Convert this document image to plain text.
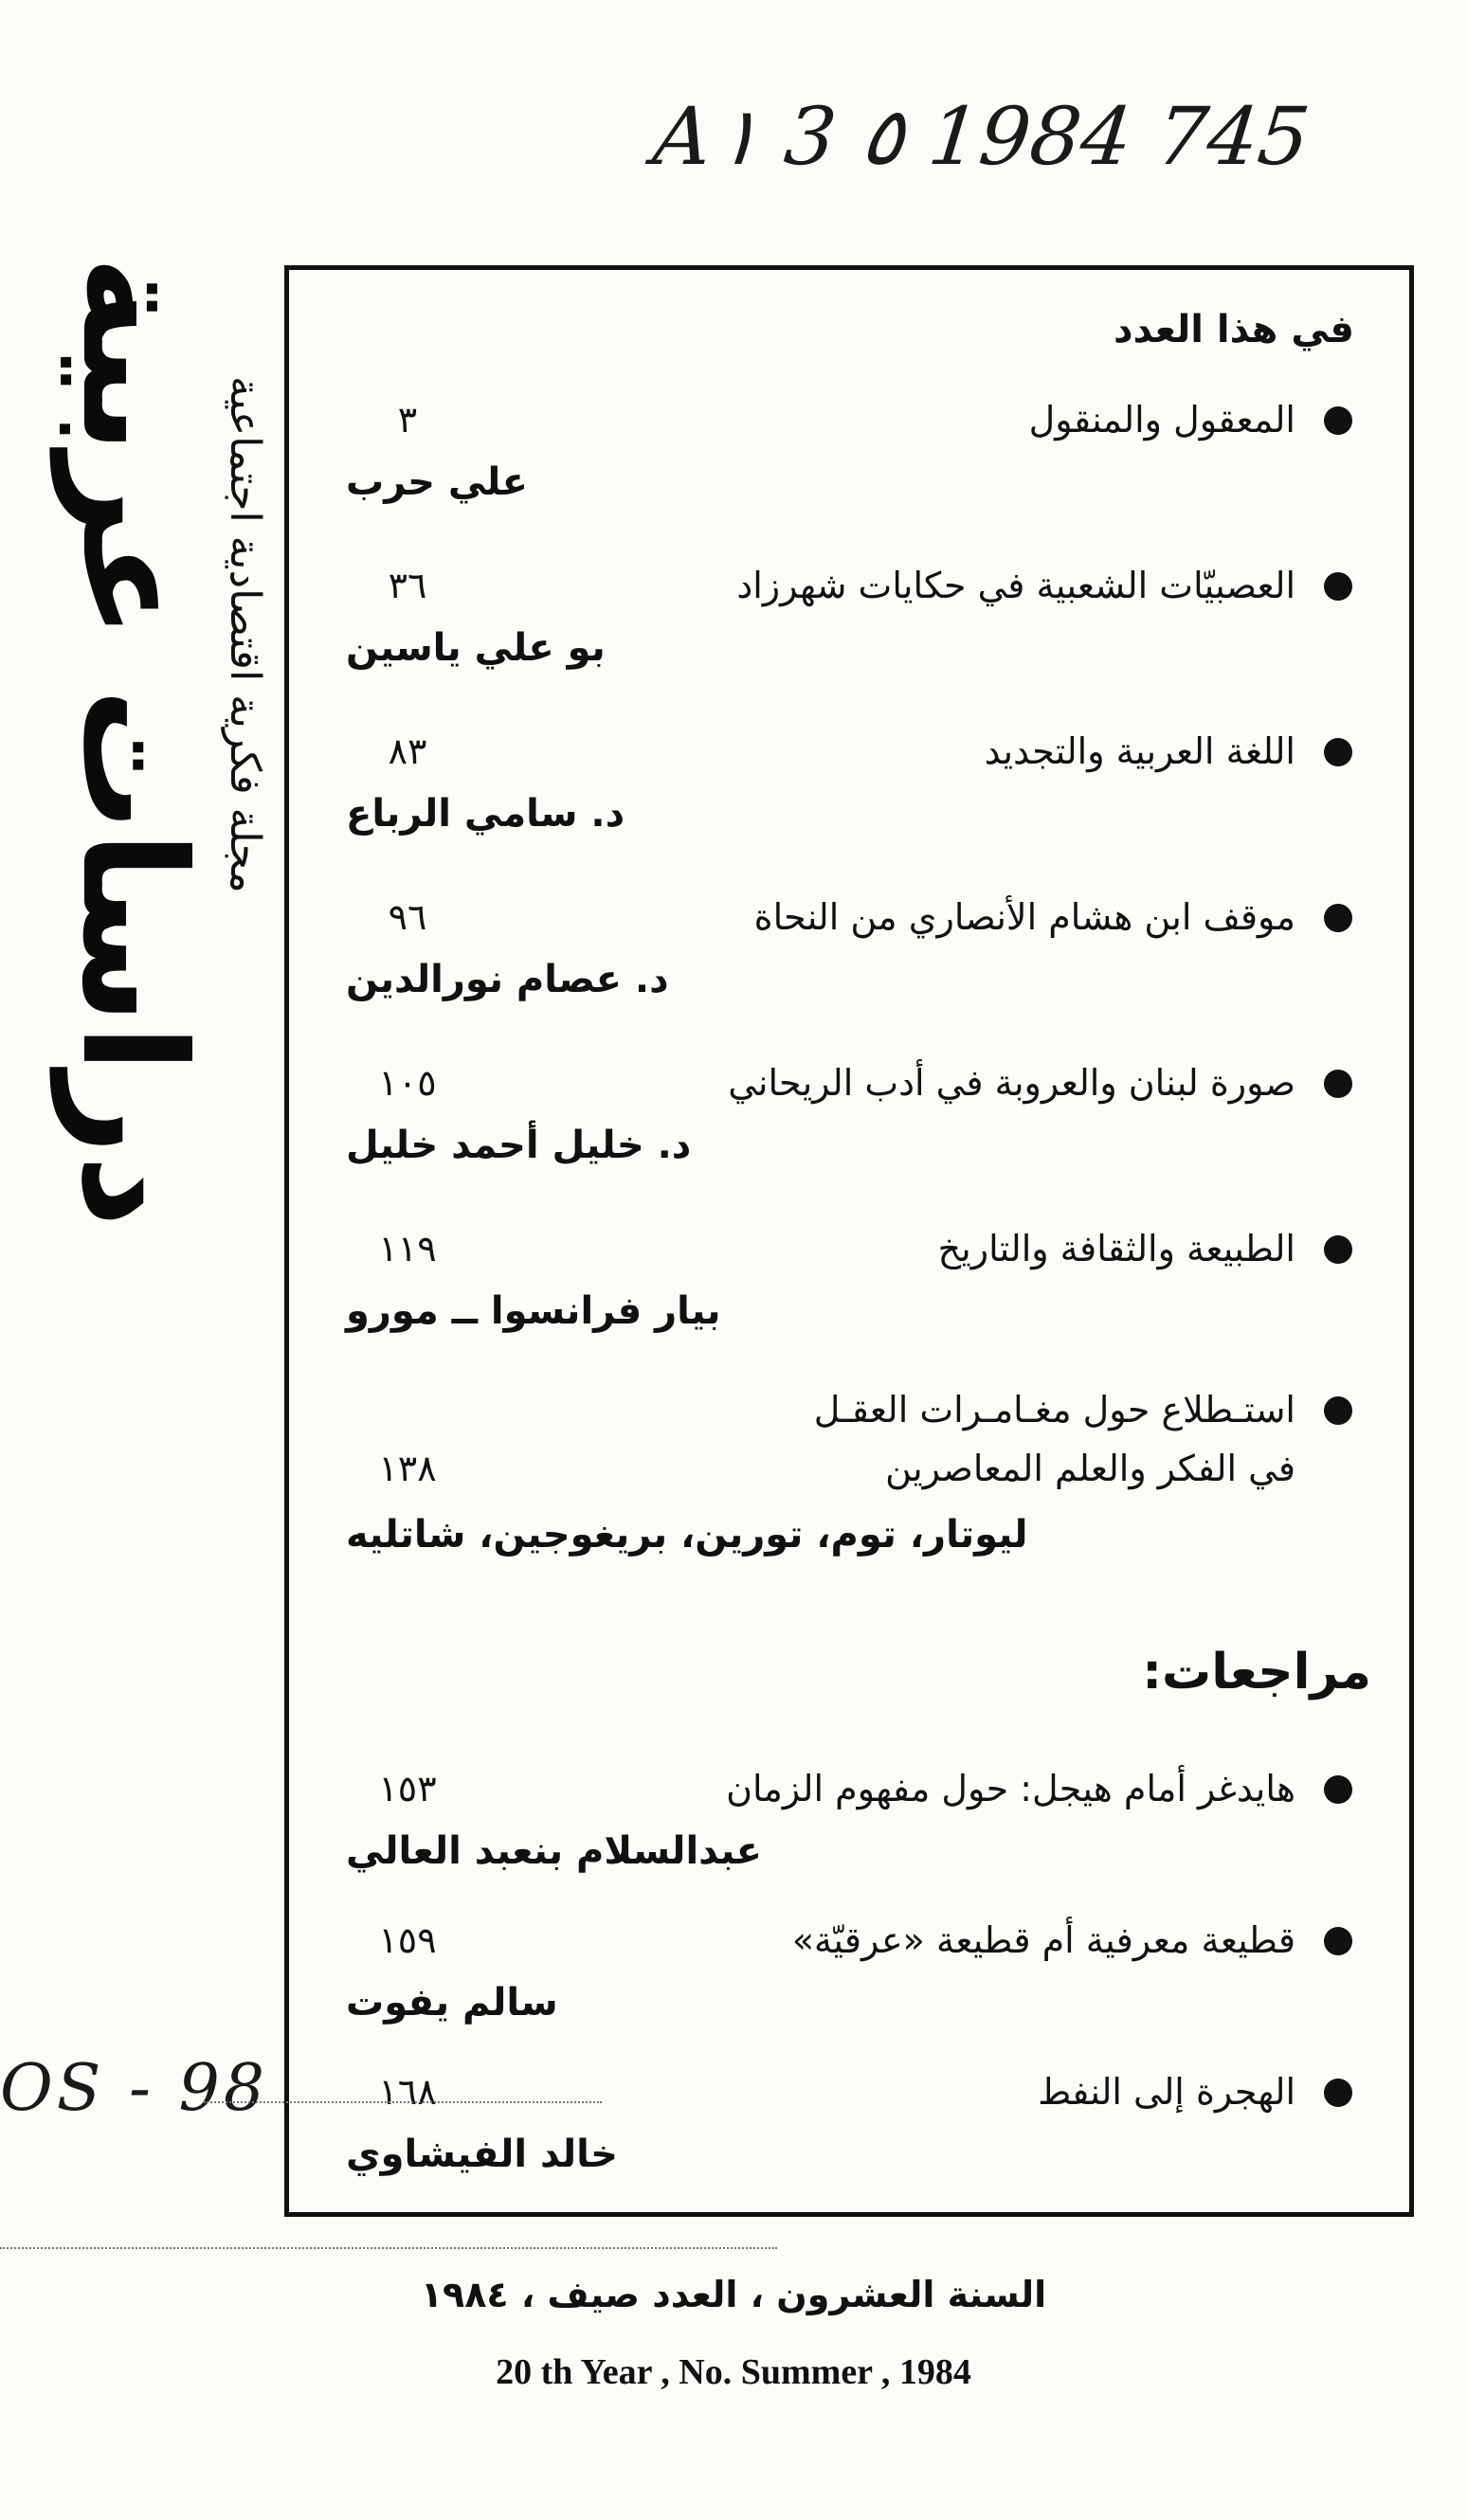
A١ 3 ٥ 1984 745
دراسات عربية مجلة فكرية اقتصادية اجتماعية
في هذا العدد
المعقول والمنقول
٣
علي حرب
العصبيّات الشعبية في حكايات شهرزاد
٣٦
بو علي ياسين
اللغة العربية والتجديد
٨٣
د. سامي الرباع
موقف ابن هشام الأنصاري من النحاة
٩٦
د. عصام نورالدين
صورة لبنان والعروبة في أدب الريحاني
١٠٥
د. خليل أحمد خليل
الطبيعة والثقافة والتاريخ
١١٩
بيار فرانسوا ــ مورو
استـطلاع حول مغـامـرات العقـل
في الفكر والعلم المعاصرين
١٣٨
ليوتار، توم، تورين، بريغوجين، شاتليه
مراجعات:
هايدغر أمام هيجل: حول مفهوم الزمان
١٥٣
عبدالسلام بنعبد العالي
قطيعة معرفية أم قطيعة «عرقيّة»
١٥٩
سالم يفوت
الهجرة إلى النفط
١٦٨
خالد الفيشاوي
OS - 98
السنة العشرون ، العدد صيف ، ١٩٨٤
20 th Year , No. Summer , 1984
